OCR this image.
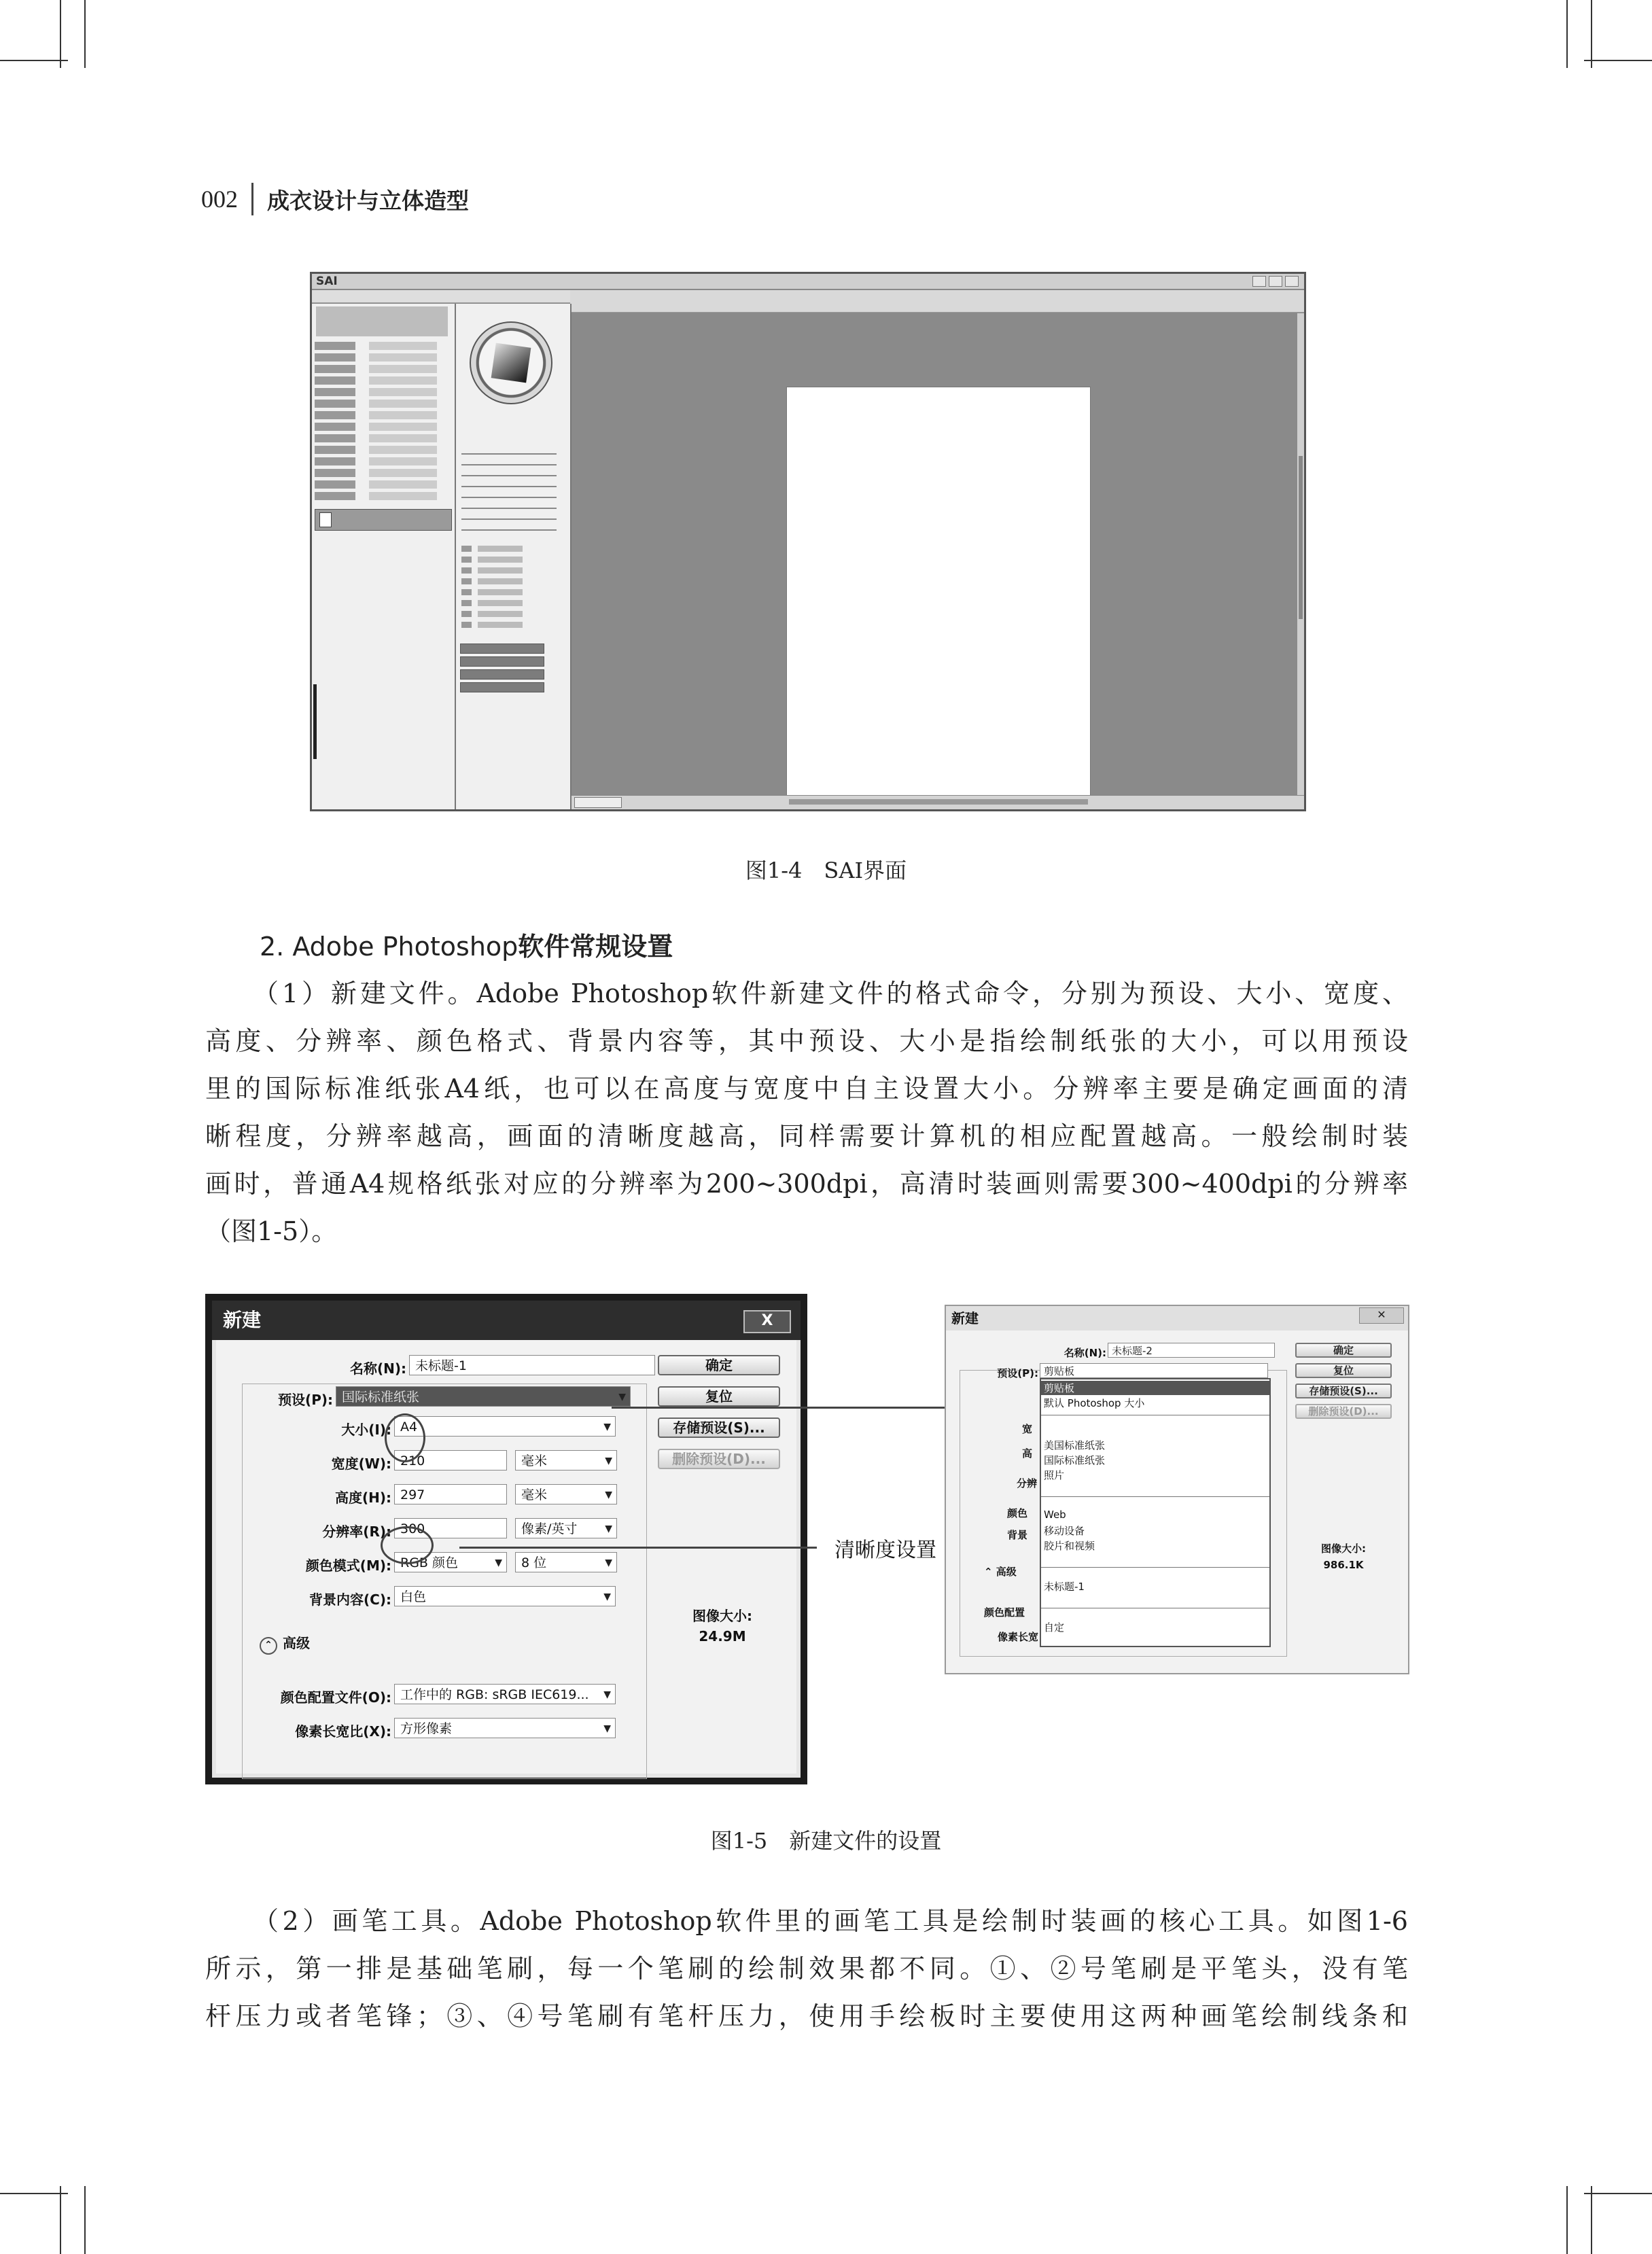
002 成衣设计与立体造型
SAI
图1-4　SAI界面
2. Adobe Photoshop软件常规设置

（1）新建文件。Adobe Photoshop软件新建文件的格式命令，分别为预设、大小、宽度、

高度、分辨率、颜色格式、背景内容等，其中预设、大小是指绘制纸张的大小，可以用预设

里的国际标准纸张A4纸，也可以在高度与宽度中自主设置大小。分辨率主要是确定画面的清

晰程度，分辨率越高，画面的清晰度越高，同样需要计算机的相应配置越高。一般绘制时装

画时，普通A4规格纸张对应的分辨率为200~300dpi，高清时装画则需要300~400dpi的分辨率

（图1-5）。

新建	X
名称(N): 未标题-1
预设(P): 国际标准纸张 ▼
大小(I): A4 ▼
宽度(W): 210	毫米 ▼
高度(H): 297	毫米 ▼
分辨率(R): 300	像素/英寸 ▼
颜色模式(M): RGB 颜色 ▼	8 位 ▼
背景内容(C): 白色 ▼
⌃ 高级
颜色配置文件(O): 工作中的 RGB: sRGB IEC619... ▼
像素长宽比(X): 方形像素 ▼
确定
复位
存储预设(S)...
删除预设(D)...
图像大小:
24.9M
清晰度设置
新建	✕
名称(N): 未标题-2
预设(P): 剪贴板
宽
高
分辨
颜色
背景
⌃ 高级
颜色配置
像素长宽
剪贴板
默认 Photoshop 大小
美国标准纸张
国际标准纸张
照片
Web
移动设备
胶片和视频
未标题-1
自定
确定
复位
存储预设(S)...
删除预设(D)...
图像大小:
986.1K
图1-5　新建文件的设置

（2）画笔工具。Adobe Photoshop软件里的画笔工具是绘制时装画的核心工具。如图1-6

所示，第一排是基础笔刷，每一个笔刷的绘制效果都不同。①、②号笔刷是平笔头，没有笔

杆压力或者笔锋；③、④号笔刷有笔杆压力，使用手绘板时主要使用这两种画笔绘制线条和
